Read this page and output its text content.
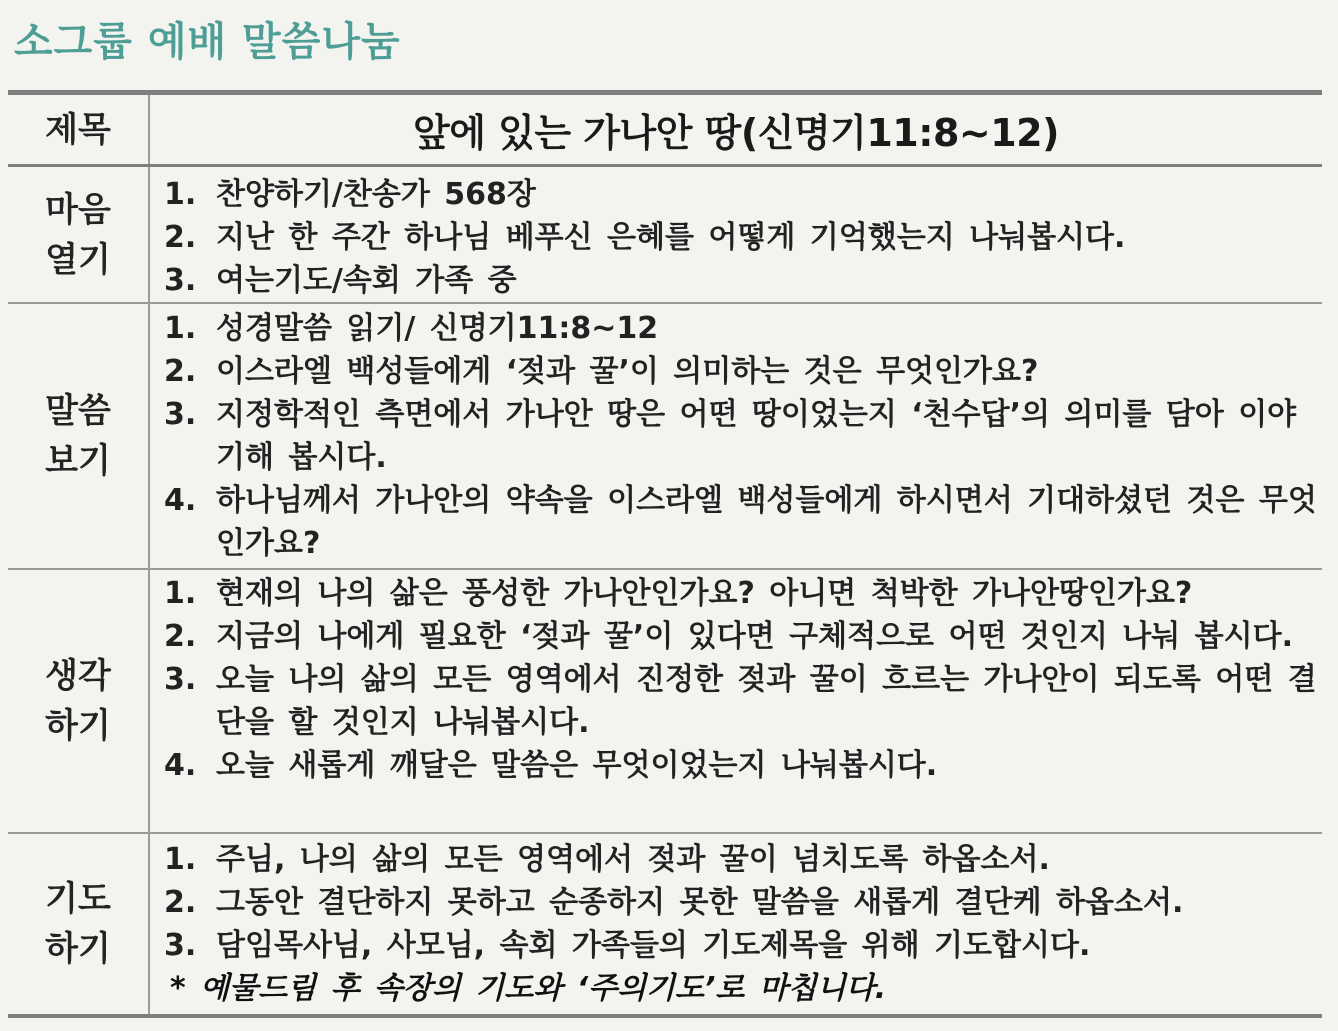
소그룹 예배 말씀나눔
제목	앞에 있는 가나안 땅(신명기11:8~12)
마음
열기
1. 찬양하기/찬송가 568장
2. 지난 한 주간 하나님 베푸신 은혜를 어떻게 기억했는지 나눠봅시다.
3. 여는기도/속회 가족 중
말씀
보기
1. 성경말씀 읽기/ 신명기11:8~12
2. 이스라엘 백성들에게 ‘젖과 꿀’이 의미하는 것은 무엇인가요?
3. 지정학적인 측면에서 가나안 땅은 어떤 땅이었는지 ‘천수답’의 의미를 담아 이야기해 봅시다.
4. 하나님께서 가나안의 약속을 이스라엘 백성들에게 하시면서 기대하셨던 것은 무엇인가요?
생각
하기
1. 현재의 나의 삶은 풍성한 가나안인가요? 아니면 척박한 가나안땅인가요?
2. 지금의 나에게 필요한 ‘젖과 꿀’이 있다면 구체적으로 어떤 것인지 나눠 봅시다.
3. 오늘 나의 삶의 모든 영역에서 진정한 젖과 꿀이 흐르는 가나안이 되도록 어떤 결단을 할 것인지 나눠봅시다.
4. 오늘 새롭게 깨달은 말씀은 무엇이었는지 나눠봅시다.
기도
하기
1. 주님, 나의 삶의 모든 영역에서 젖과 꿀이 넘치도록 하옵소서.
2. 그동안 결단하지 못하고 순종하지 못한 말씀을 새롭게 결단케 하옵소서.
3. 담임목사님, 사모님, 속회 가족들의 기도제목을 위해 기도합시다.
* 예물드림 후 속장의 기도와 ‘주의기도’로 마칩니다.
